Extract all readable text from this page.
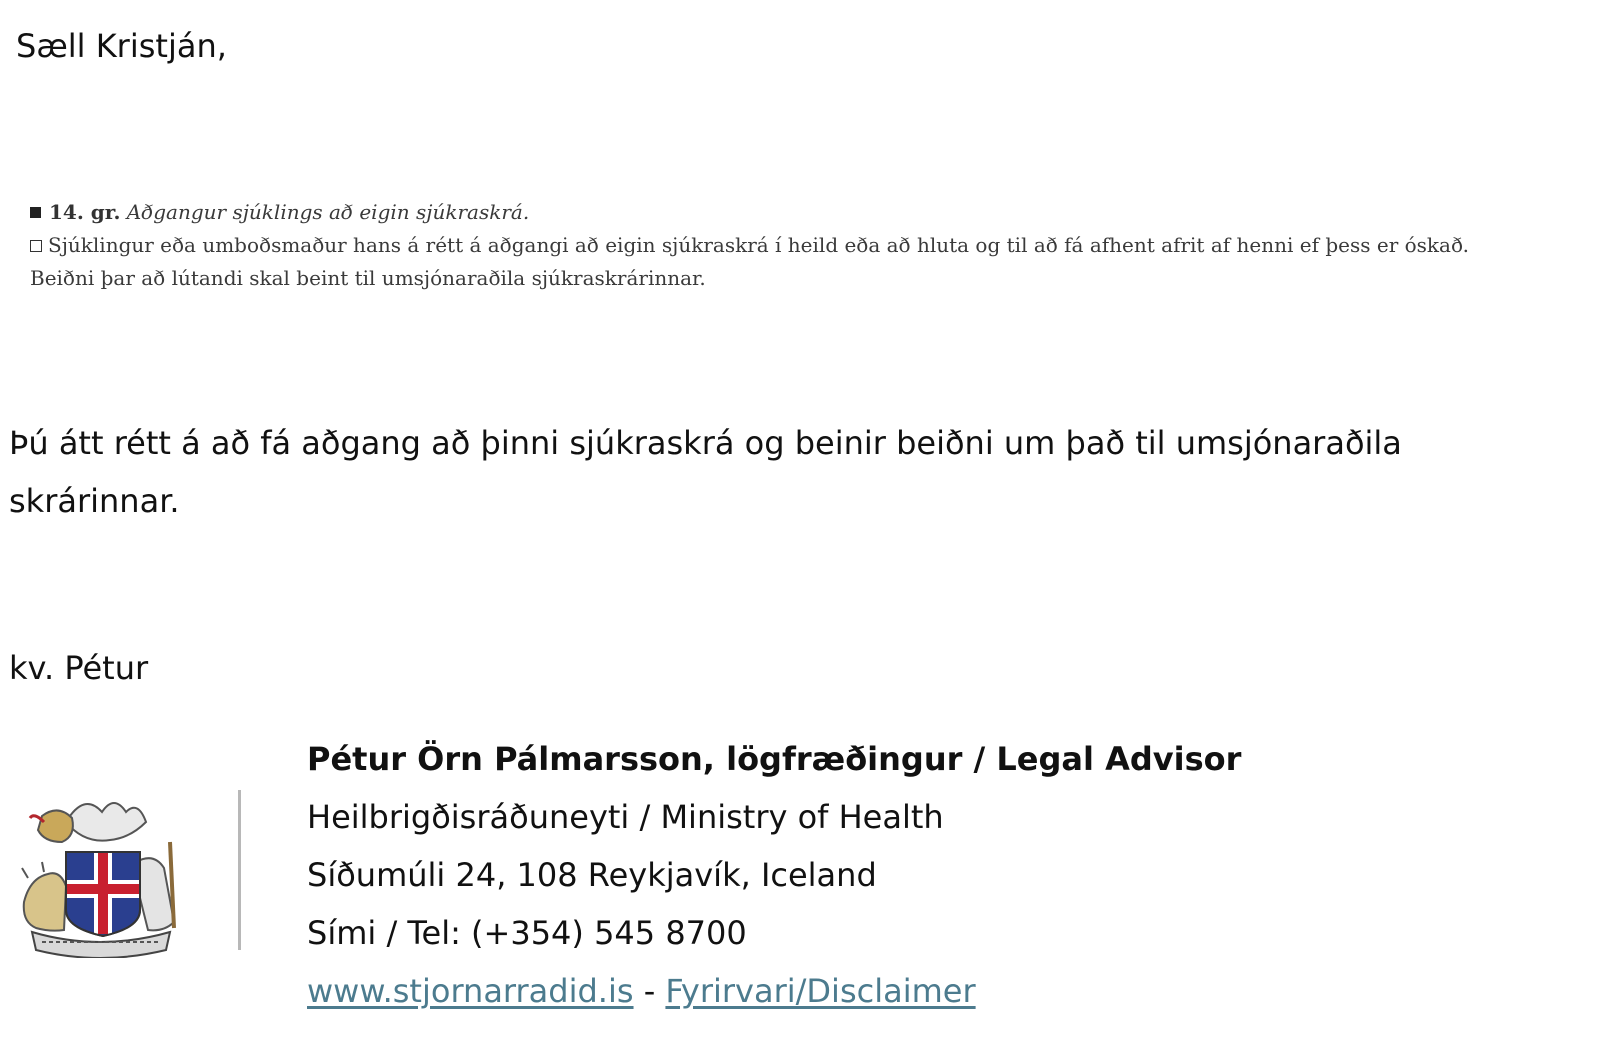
Sæll Kristján,
14. gr. Aðgangur sjúklings að eigin sjúkraskrá.
Sjúklingur eða umboðsmaður hans á rétt á aðgangi að eigin sjúkraskrá í heild eða að hluta og til að fá afhent afrit af henni ef þess er óskað.
Beiðni þar að lútandi skal beint til umsjónaraðila sjúkraskrárinnar.
Þú átt rétt á að fá aðgang að þinni sjúkraskrá og beinir beiðni um það til umsjónaraðila
skrárinnar.
kv. Pétur
Pétur Örn Pálmarsson, lögfræðingur / Legal Advisor
Heilbrigðisráðuneyti / Ministry of Health
Síðumúli 24, 108 Reykjavík, Iceland
Sími / Tel: (+354) 545 8700
www.stjornarradid.is - Fyrirvari/Disclaimer
